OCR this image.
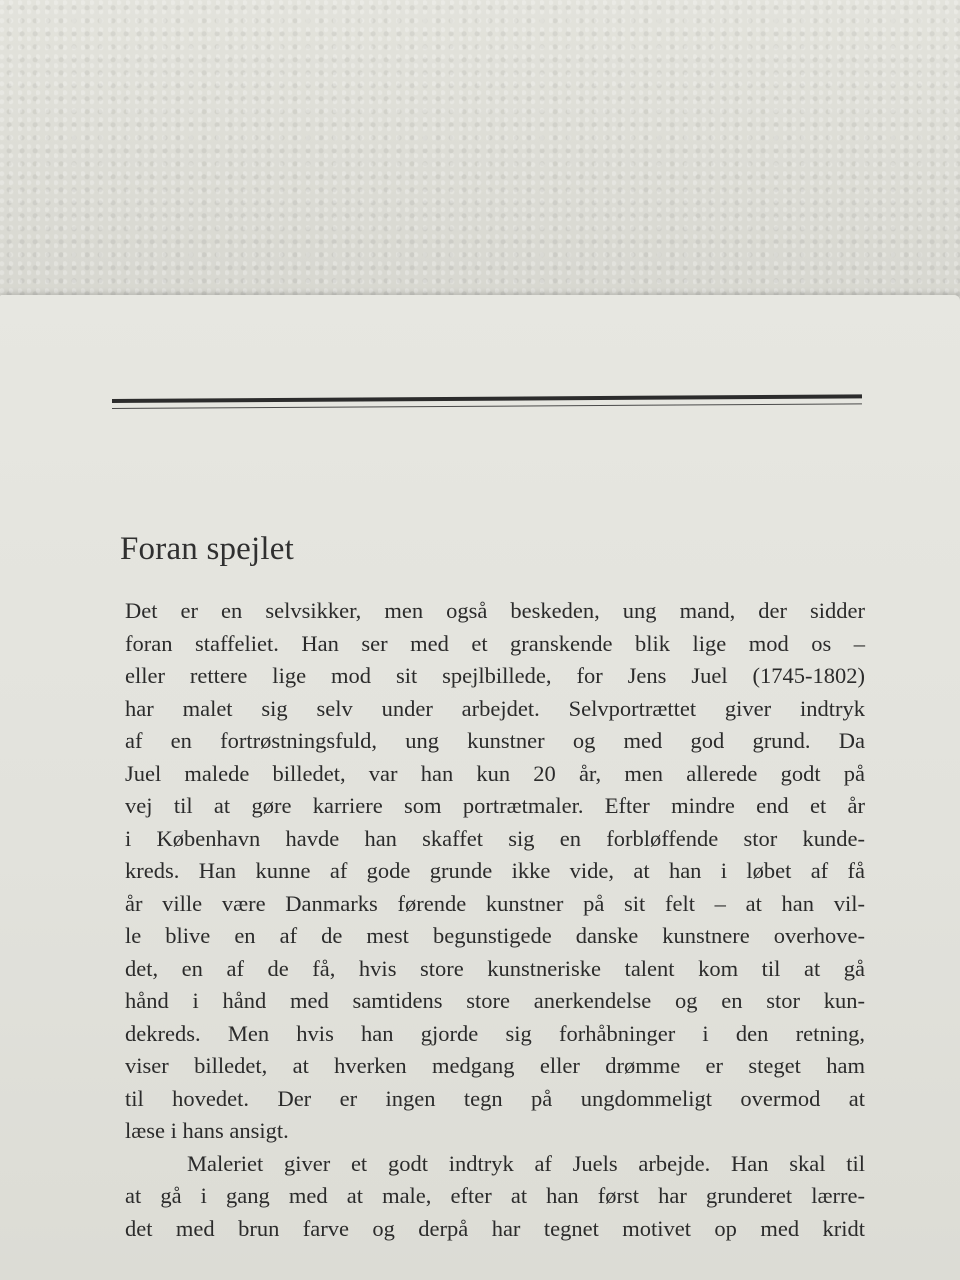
Foran spejlet
Det er en selvsikker, men også beskeden, ung mand, der sidder
foran staffeliet. Han ser med et granskende blik lige mod os –
eller rettere lige mod sit spejlbillede, for Jens Juel (1745-1802)
har malet sig selv under arbejdet. Selvportrættet giver indtryk
af en fortrøstningsfuld, ung kunstner og med god grund. Da
Juel malede billedet, var han kun 20 år, men allerede godt på
vej til at gøre karriere som portrætmaler. Efter mindre end et år
i København havde han skaffet sig en forbløffende stor kunde-
kreds. Han kunne af gode grunde ikke vide, at han i løbet af få
år ville være Danmarks førende kunstner på sit felt – at han vil-
le blive en af de mest begunstigede danske kunstnere overhove-
det, en af de få, hvis store kunstneriske talent kom til at gå
hånd i hånd med samtidens store anerkendelse og en stor kun-
dekreds. Men hvis han gjorde sig forhåbninger i den retning,
viser billedet, at hverken medgang eller drømme er steget ham
til hovedet. Der er ingen tegn på ungdommeligt overmod at
læse i hans ansigt.
Maleriet giver et godt indtryk af Juels arbejde. Han skal til
at gå i gang med at male, efter at han først har grunderet lærre-
det med brun farve og derpå har tegnet motivet op med kridt
